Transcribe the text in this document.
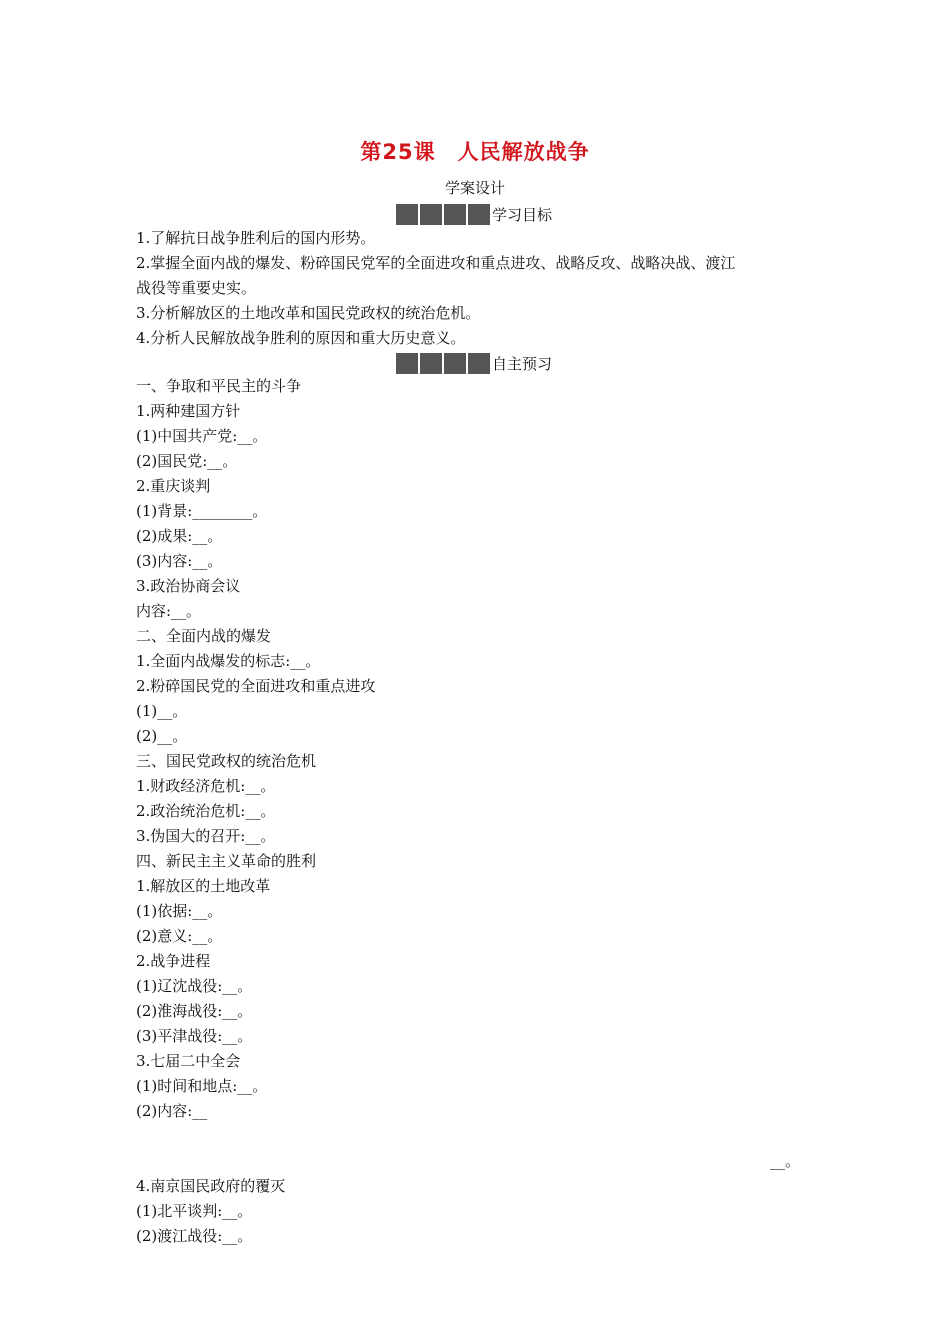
第25课　人民解放战争
学案设计
学习目标
1.了解抗日战争胜利后的国内形势。
2.掌握全面内战的爆发、粉碎国民党军的全面进攻和重点进攻、战略反攻、战略决战、渡江
战役等重要史实。
3.分析解放区的土地改革和国民党政权的统治危机。
4.分析人民解放战争胜利的原因和重大历史意义。
自主预习
一、争取和平民主的斗争
1.两种建国方针
(1)中国共产党:__。
(2)国民党:__。
2.重庆谈判
(1)背景:________。
(2)成果:__。
(3)内容:__。
3.政治协商会议
内容:__。
二、全面内战的爆发
1.全面内战爆发的标志:__。
2.粉碎国民党的全面进攻和重点进攻
(1)__。
(2)__。
三、国民党政权的统治危机
1.财政经济危机:__。
2.政治统治危机:__。
3.伪国大的召开:__。
四、新民主主义革命的胜利
1.解放区的土地改革
(1)依据:__。
(2)意义:__。
2.战争进程
(1)辽沈战役:__。
(2)淮海战役:__。
(3)平津战役:__。
3.七届二中全会
(1)时间和地点:__。
(2)内容:__
__。
4.南京国民政府的覆灭
(1)北平谈判:__。
(2)渡江战役:__。
